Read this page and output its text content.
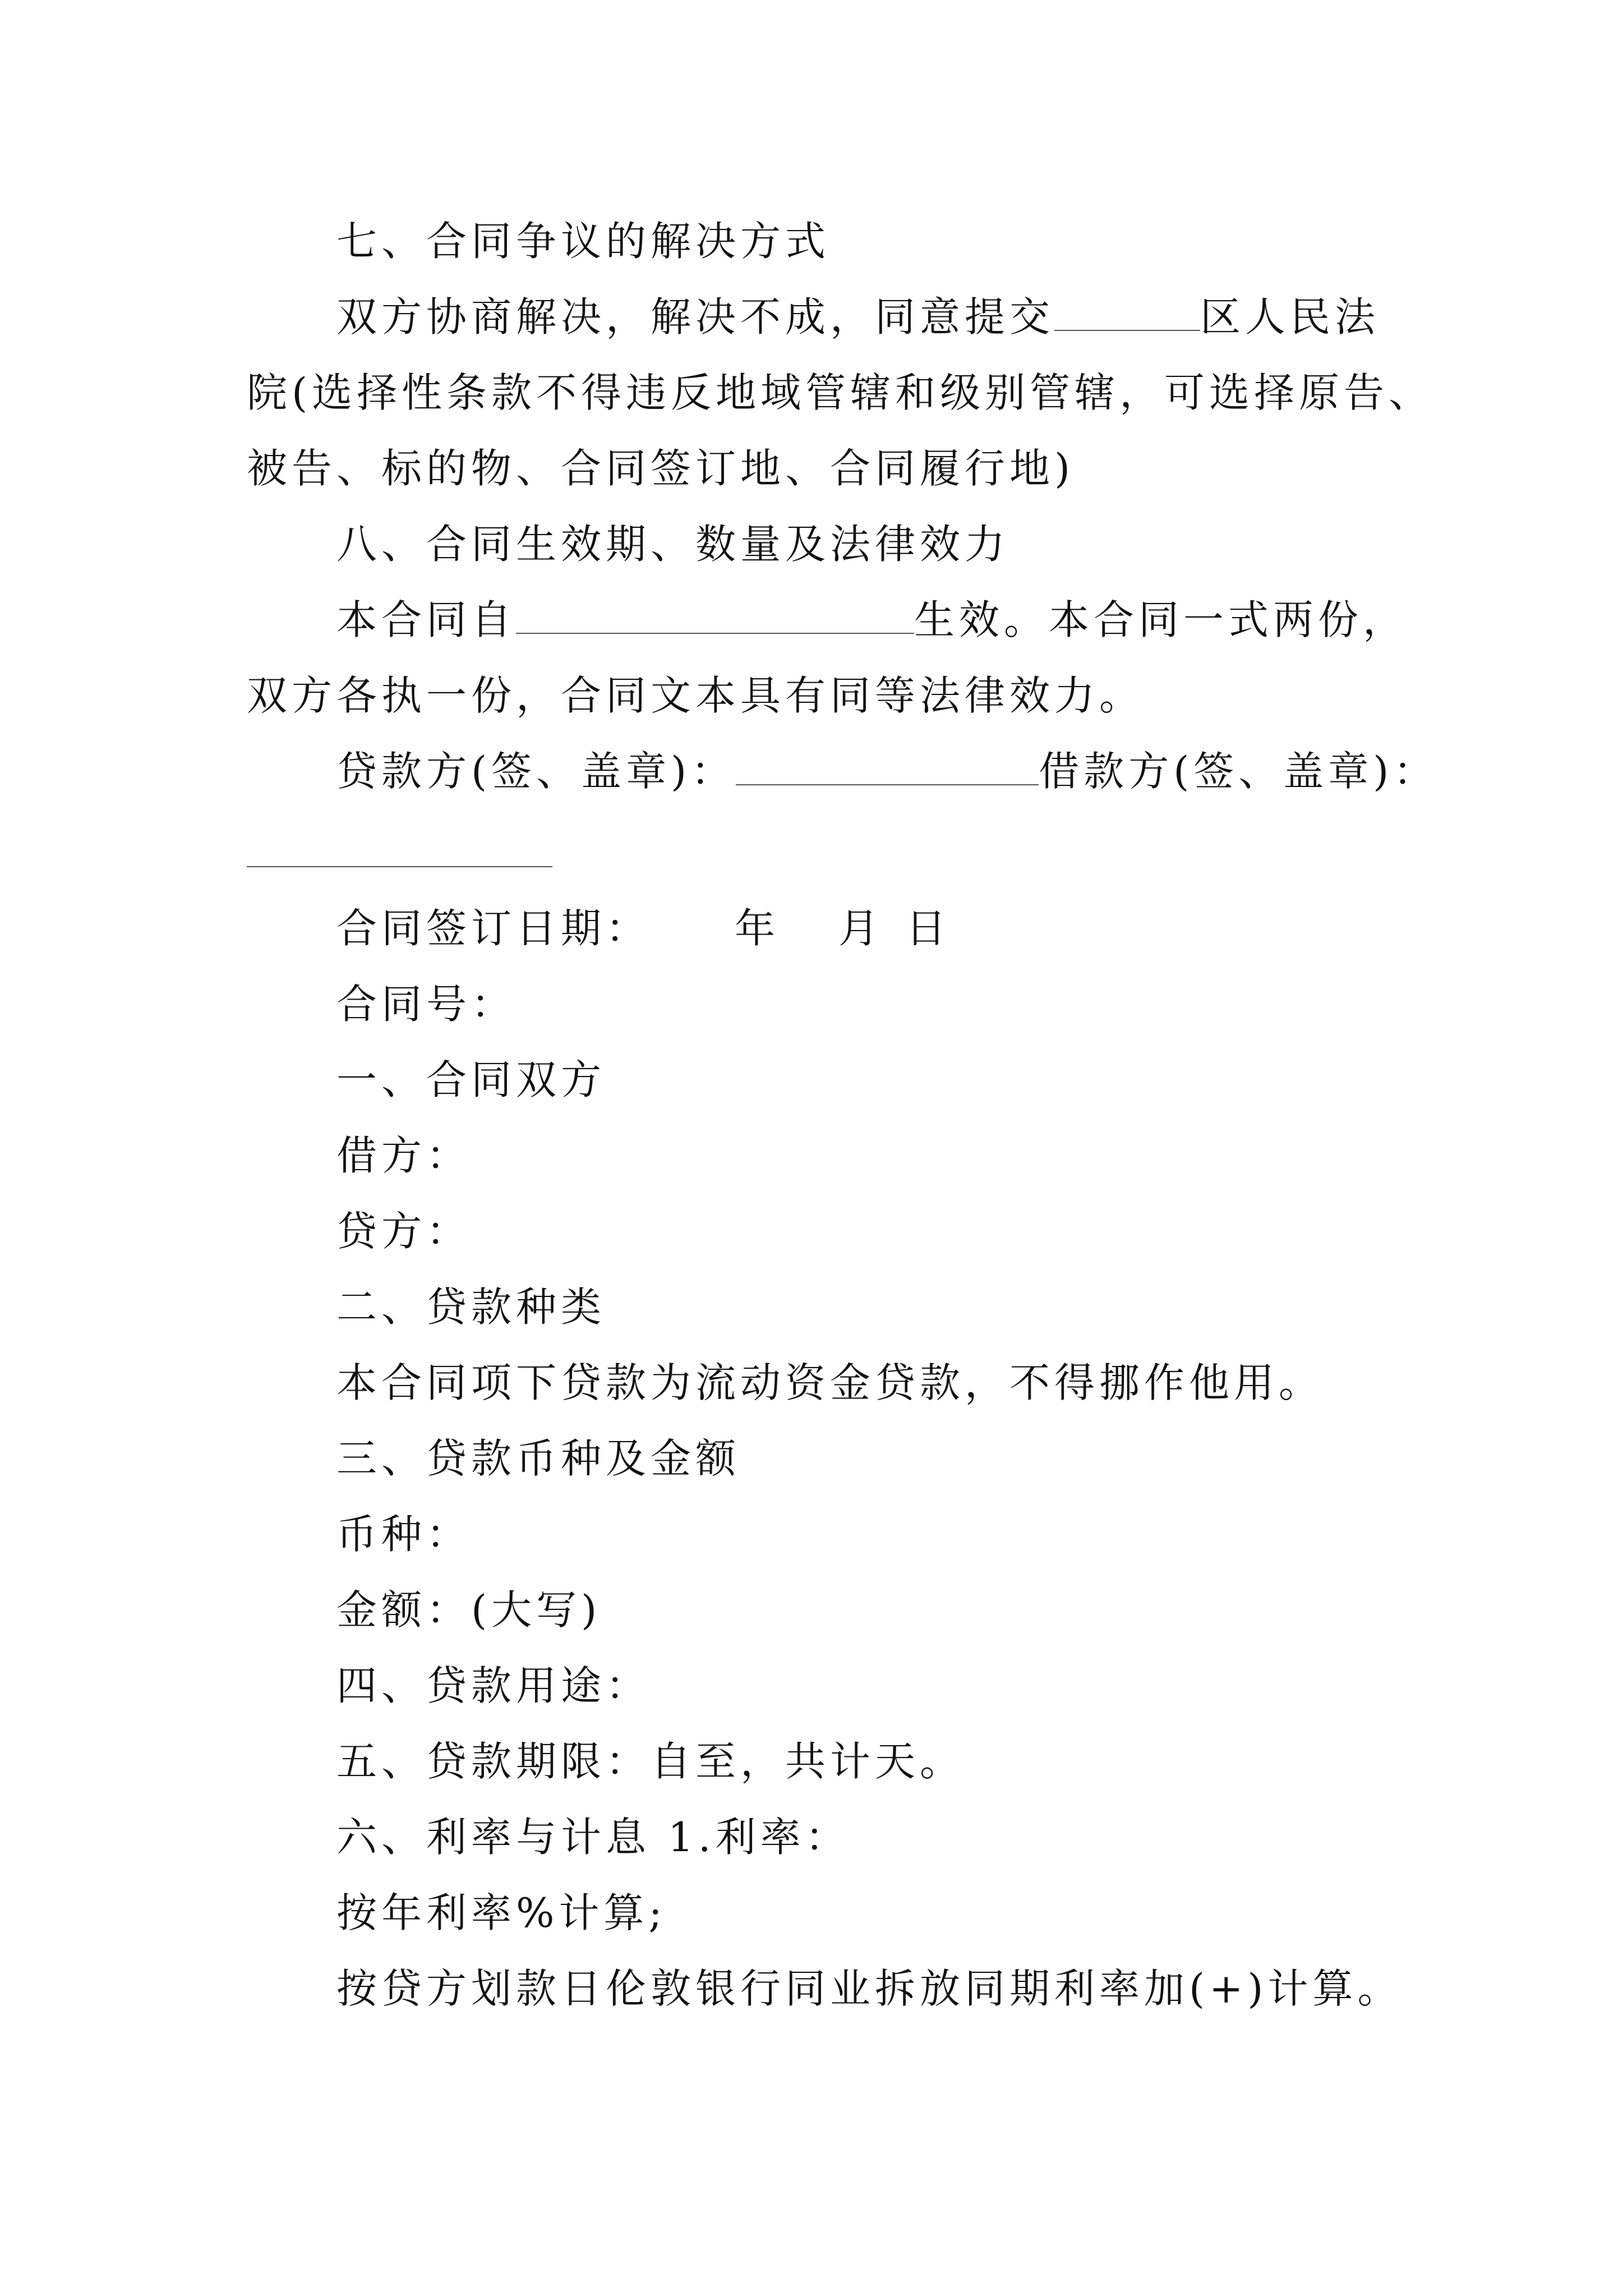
七、合同争议的解决方式
双方协商解决，解决不成，同意提交	区人民法
院(选择性条款不得违反地域管辖和级别管辖，可选择原告、
被告、标的物、合同签订地、合同履行地)
八、合同生效期、数量及法律效力
本合同自	生效。本合同一式两份，
双方各执一份，合同文本具有同等法律效力。
贷款方(签、盖章)：	借款方(签、盖章)：
合同签订日期： 年 月 日
合同号：
一、合同双方
借方：
贷方：
二、贷款种类
本合同项下贷款为流动资金贷款，不得挪作他用。
三、贷款币种及金额
币种：
金额：(大写)
四、贷款用途：
五、贷款期限：自至，共计天。
六、利率与计息 1.利率：
按年利率%计算;
按贷方划款日伦敦银行同业拆放同期利率加(+)计算。
